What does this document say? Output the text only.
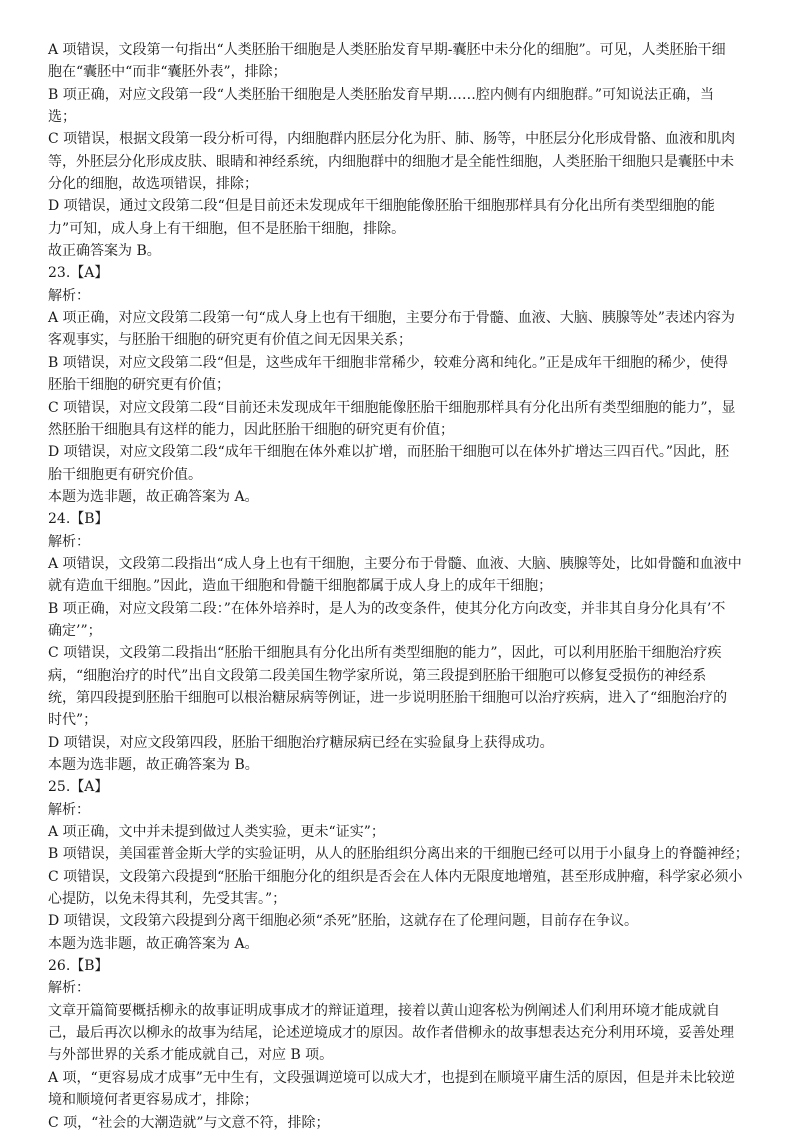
A 项错误，文段第一句指出“人类胚胎干细胞是人类胚胎发育早期-囊胚中未分化的细胞”。可见，人类胚胎干细
胞在“囊胚中“而非“囊胚外表”，排除；
B 项正确，对应文段第一段“人类胚胎干细胞是人类胚胎发育早期……腔内侧有内细胞群。”可知说法正确，当
选；
C 项错误，根据文段第一段分析可得，内细胞群内胚层分化为肝、肺、肠等，中胚层分化形成骨骼、血液和肌肉
等，外胚层分化形成皮肤、眼睛和神经系统，内细胞群中的细胞才是全能性细胞，人类胚胎干细胞只是囊胚中未
分化的细胞，故选项错误，排除；
D 项错误，通过文段第二段“但是目前还未发现成年干细胞能像胚胎干细胞那样具有分化出所有类型细胞的能
力”可知，成人身上有干细胞，但不是胚胎干细胞，排除。
故正确答案为 B。
23.【A】
解析：
A 项正确，对应文段第二段第一句“成人身上也有干细胞，主要分布于骨髓、血液、大脑、胰腺等处”表述内容为
客观事实，与胚胎干细胞的研究更有价值之间无因果关系；
B 项错误，对应文段第二段“但是，这些成年干细胞非常稀少，较难分离和纯化。”正是成年干细胞的稀少，使得
胚胎干细胞的研究更有价值；
C 项错误，对应文段第二段“目前还未发现成年干细胞能像胚胎干细胞那样具有分化出所有类型细胞的能力”，显
然胚胎干细胞具有这样的能力，因此胚胎干细胞的研究更有价值；
D 项错误，对应文段第二段“成年干细胞在体外难以扩增，而胚胎干细胞可以在体外扩增达三四百代。”因此，胚
胎干细胞更有研究价值。
本题为选非题，故正确答案为 A。
24.【B】
解析：
A 项错误，文段第二段指出“成人身上也有干细胞，主要分布于骨髓、血液、大脑、胰腺等处，比如骨髓和血液中
就有造血干细胞。”因此，造血干细胞和骨髓干细胞都属于成人身上的成年干细胞；
B 项正确，对应文段第二段：”在体外培养时，是人为的改变条件，使其分化方向改变，并非其自身分化具有’不
确定’”；
C 项错误，文段第二段指出“胚胎干细胞具有分化出所有类型细胞的能力”，因此，可以利用胚胎干细胞治疗疾
病，“细胞治疗的时代”出自文段第二段美国生物学家所说，第三段提到胚胎干细胞可以修复受损伤的神经系
统，第四段提到胚胎干细胞可以根治糖尿病等例证，进一步说明胚胎干细胞可以治疗疾病，进入了“细胞治疗的
时代”；
D 项错误，对应文段第四段，胚胎干细胞治疗糖尿病已经在实验鼠身上获得成功。
本题为选非题，故正确答案为 B。
25.【A】
解析：
A 项正确，文中并未提到做过人类实验，更未“证实”；
B 项错误，美国霍普金斯大学的实验证明，从人的胚胎组织分离出来的干细胞已经可以用于小鼠身上的脊髓神经；
C 项错误，文段第六段提到“胚胎干细胞分化的组织是否会在人体内无限度地增殖，甚至形成肿瘤，科学家必须小
心提防，以免未得其利，先受其害。”；
D 项错误，文段第六段提到分离干细胞必须“杀死”胚胎，这就存在了伦理问题，目前存在争议。
本题为选非题，故正确答案为 A。
26.【B】
解析：
文章开篇简要概括柳永的故事证明成事成才的辩证道理，接着以黄山迎客松为例阐述人们利用环境才能成就自
己，最后再次以柳永的故事为结尾，论述逆境成才的原因。故作者借柳永的故事想表达充分利用环境，妥善处理
与外部世界的关系才能成就自己，对应 B 项。
A 项，“更容易成才成事”无中生有，文段强调逆境可以成大才，也提到在顺境平庸生活的原因，但是并未比较逆
境和顺境何者更容易成才，排除；
C 项，“社会的大潮造就”与文意不符，排除；
